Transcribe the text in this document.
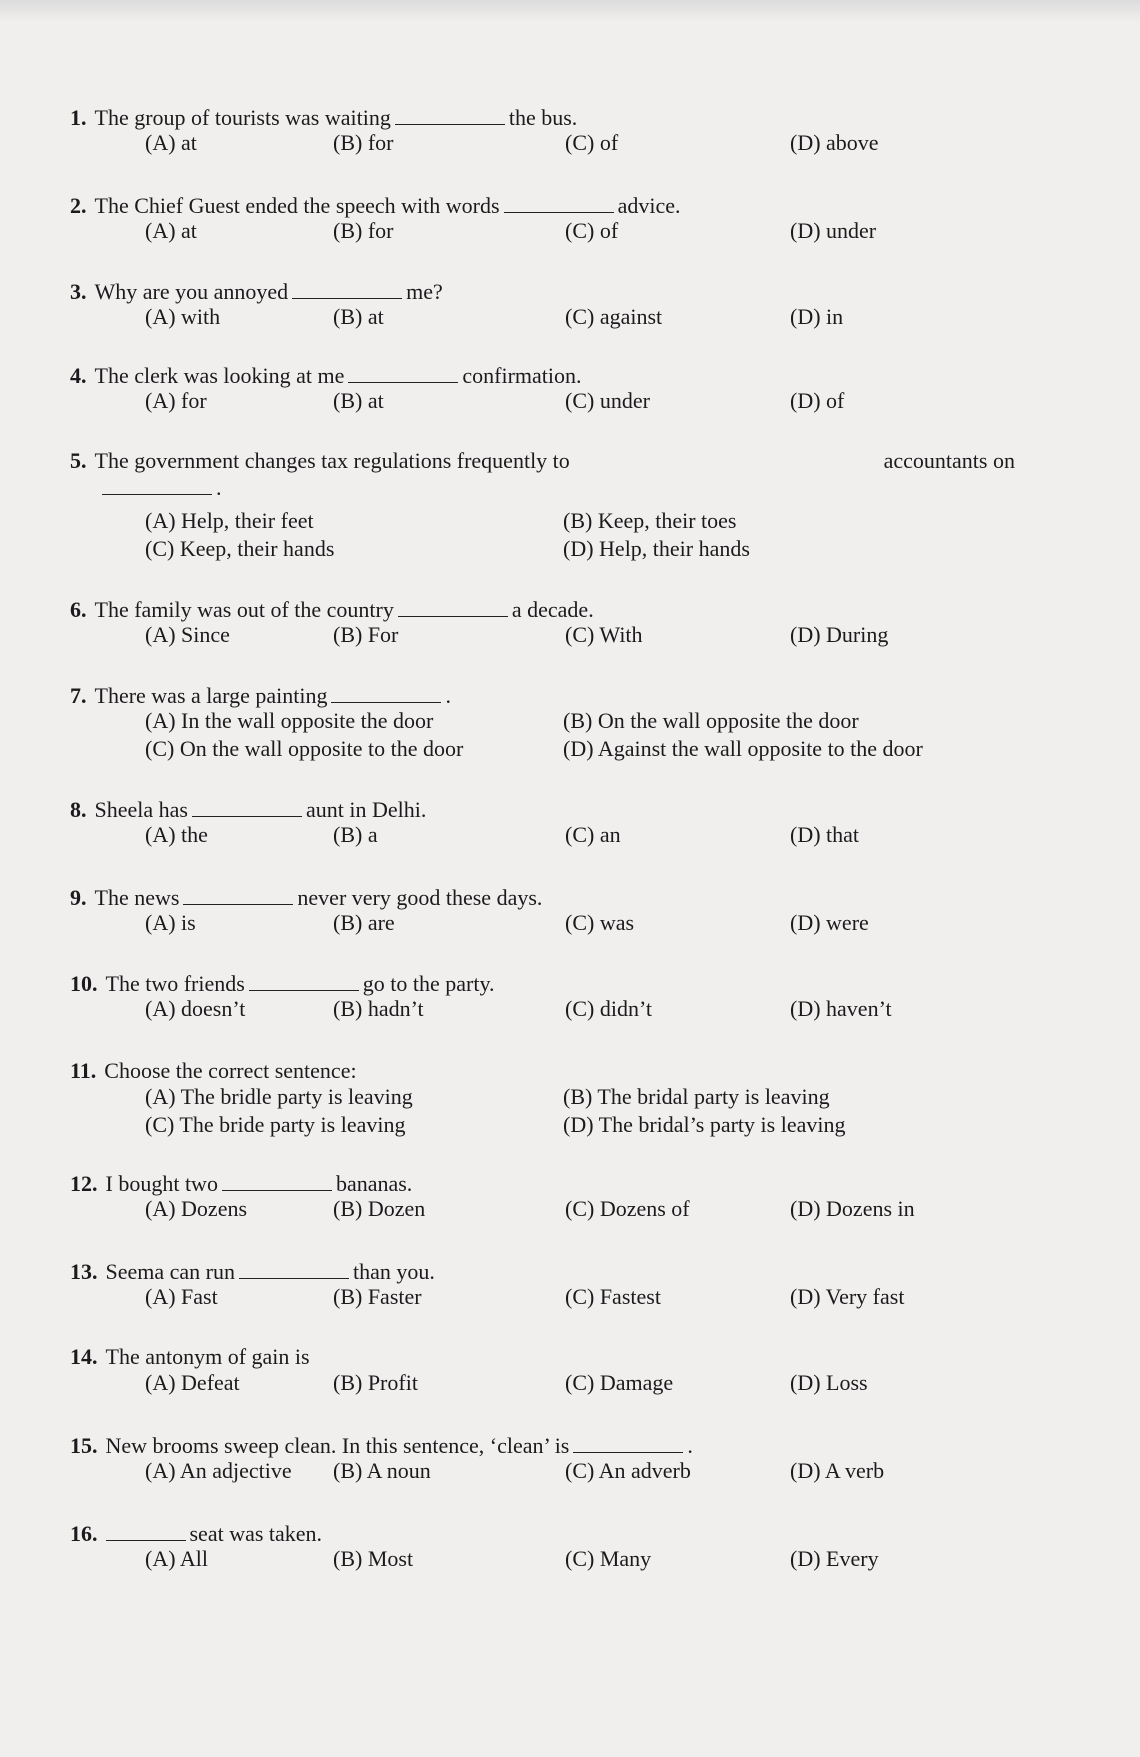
1. The group of tourists was waiting	the bus.
(A) at	(B) for	(C) of	(D) above
2. The Chief Guest ended the speech with words	advice.
(A) at	(B) for	(C) of	(D) under
3. Why are you annoyed	me?
(A) with	(B) at	(C) against	(D) in
4. The clerk was looking at me	confirmation.
(A) for	(B) at	(C) under	(D) of
5. The government changes tax regulations frequently to	accountants on
.
(A) Help, their feet	(B) Keep, their toes
(C) Keep, their hands	(D) Help, their hands
6. The family was out of the country	a decade.
(A) Since	(B) For	(C) With	(D) During
7. There was a large painting	.
(A) In the wall opposite the door	(B) On the wall opposite the door
(C) On the wall opposite to the door	(D) Against the wall opposite to the door
8. Sheela has	aunt in Delhi.
(A) the	(B) a	(C) an	(D) that
9. The news	never very good these days.
(A) is	(B) are	(C) was	(D) were
10. The two friends	go to the party.
(A) doesn’t	(B) hadn’t	(C) didn’t	(D) haven’t
11. Choose the correct sentence:
(A) The bridle party is leaving	(B) The bridal party is leaving
(C) The bride party is leaving	(D) The bridal’s party is leaving
12. I bought two	bananas.
(A) Dozens	(B) Dozen	(C) Dozens of	(D) Dozens in
13. Seema can run	than you.
(A) Fast	(B) Faster	(C) Fastest	(D) Very fast
14. The antonym of gain is
(A) Defeat	(B) Profit	(C) Damage	(D) Loss
15. New brooms sweep clean. In this sentence, ‘clean’ is	.
(A) An adjective (B) A noun	(C) An adverb	(D) A verb
16.	seat was taken.
(A) All	(B) Most	(C) Many	(D) Every
